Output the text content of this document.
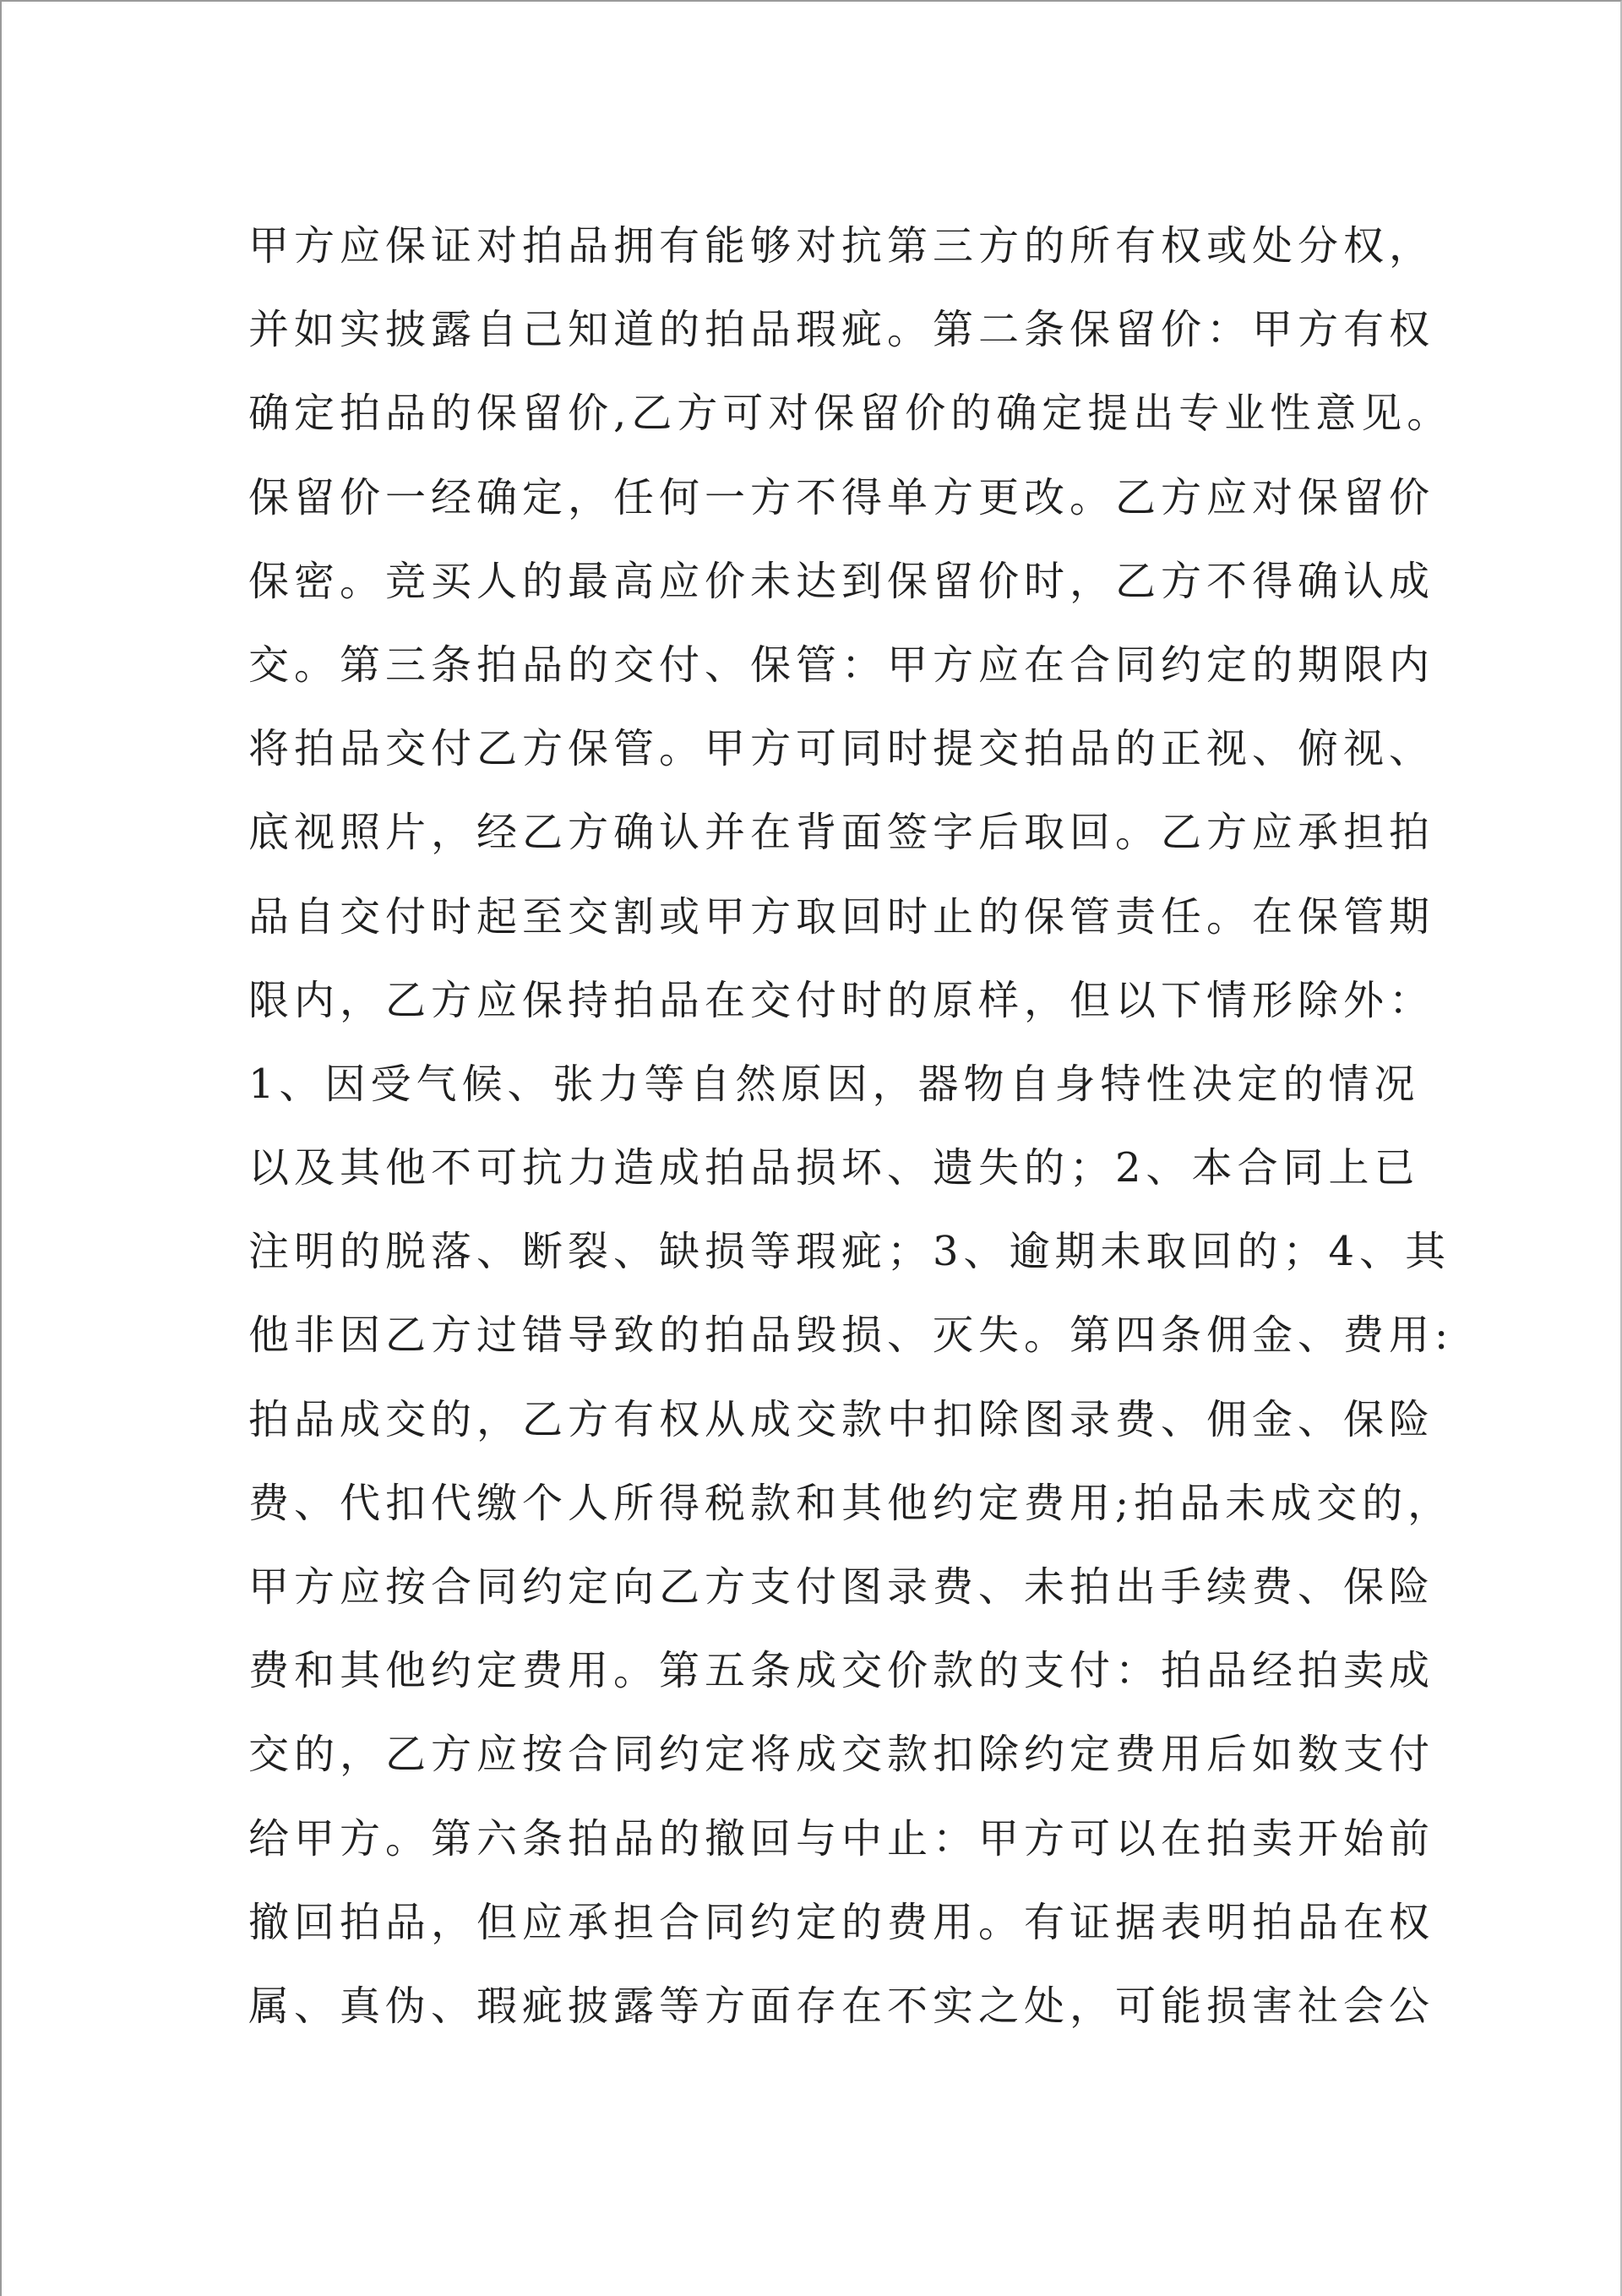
甲方应保证对拍品拥有能够对抗第三方的所有权或处分权，
并如实披露自己知道的拍品瑕疵。第二条保留价：甲方有权
确定拍品的保留价,乙方可对保留价的确定提出专业性意见。
保留价一经确定，任何一方不得单方更改。乙方应对保留价
保密。竞买人的最高应价未达到保留价时，乙方不得确认成
交。第三条拍品的交付、保管：甲方应在合同约定的期限内
将拍品交付乙方保管。甲方可同时提交拍品的正视、俯视、
底视照片，经乙方确认并在背面签字后取回。乙方应承担拍
品自交付时起至交割或甲方取回时止的保管责任。在保管期
限内，乙方应保持拍品在交付时的原样，但以下情形除外：
1、因受气候、张力等自然原因，器物自身特性决定的情况
以及其他不可抗力造成拍品损坏、遗失的；2、本合同上已
注明的脱落、断裂、缺损等瑕疵；3、逾期未取回的；4、其
他非因乙方过错导致的拍品毁损、灭失。第四条佣金、费用:
拍品成交的，乙方有权从成交款中扣除图录费、佣金、保险
费、代扣代缴个人所得税款和其他约定费用;拍品未成交的，
甲方应按合同约定向乙方支付图录费、未拍出手续费、保险
费和其他约定费用。第五条成交价款的支付：拍品经拍卖成
交的，乙方应按合同约定将成交款扣除约定费用后如数支付
给甲方。第六条拍品的撤回与中止：甲方可以在拍卖开始前
撤回拍品，但应承担合同约定的费用。有证据表明拍品在权
属、真伪、瑕疵披露等方面存在不实之处，可能损害社会公
